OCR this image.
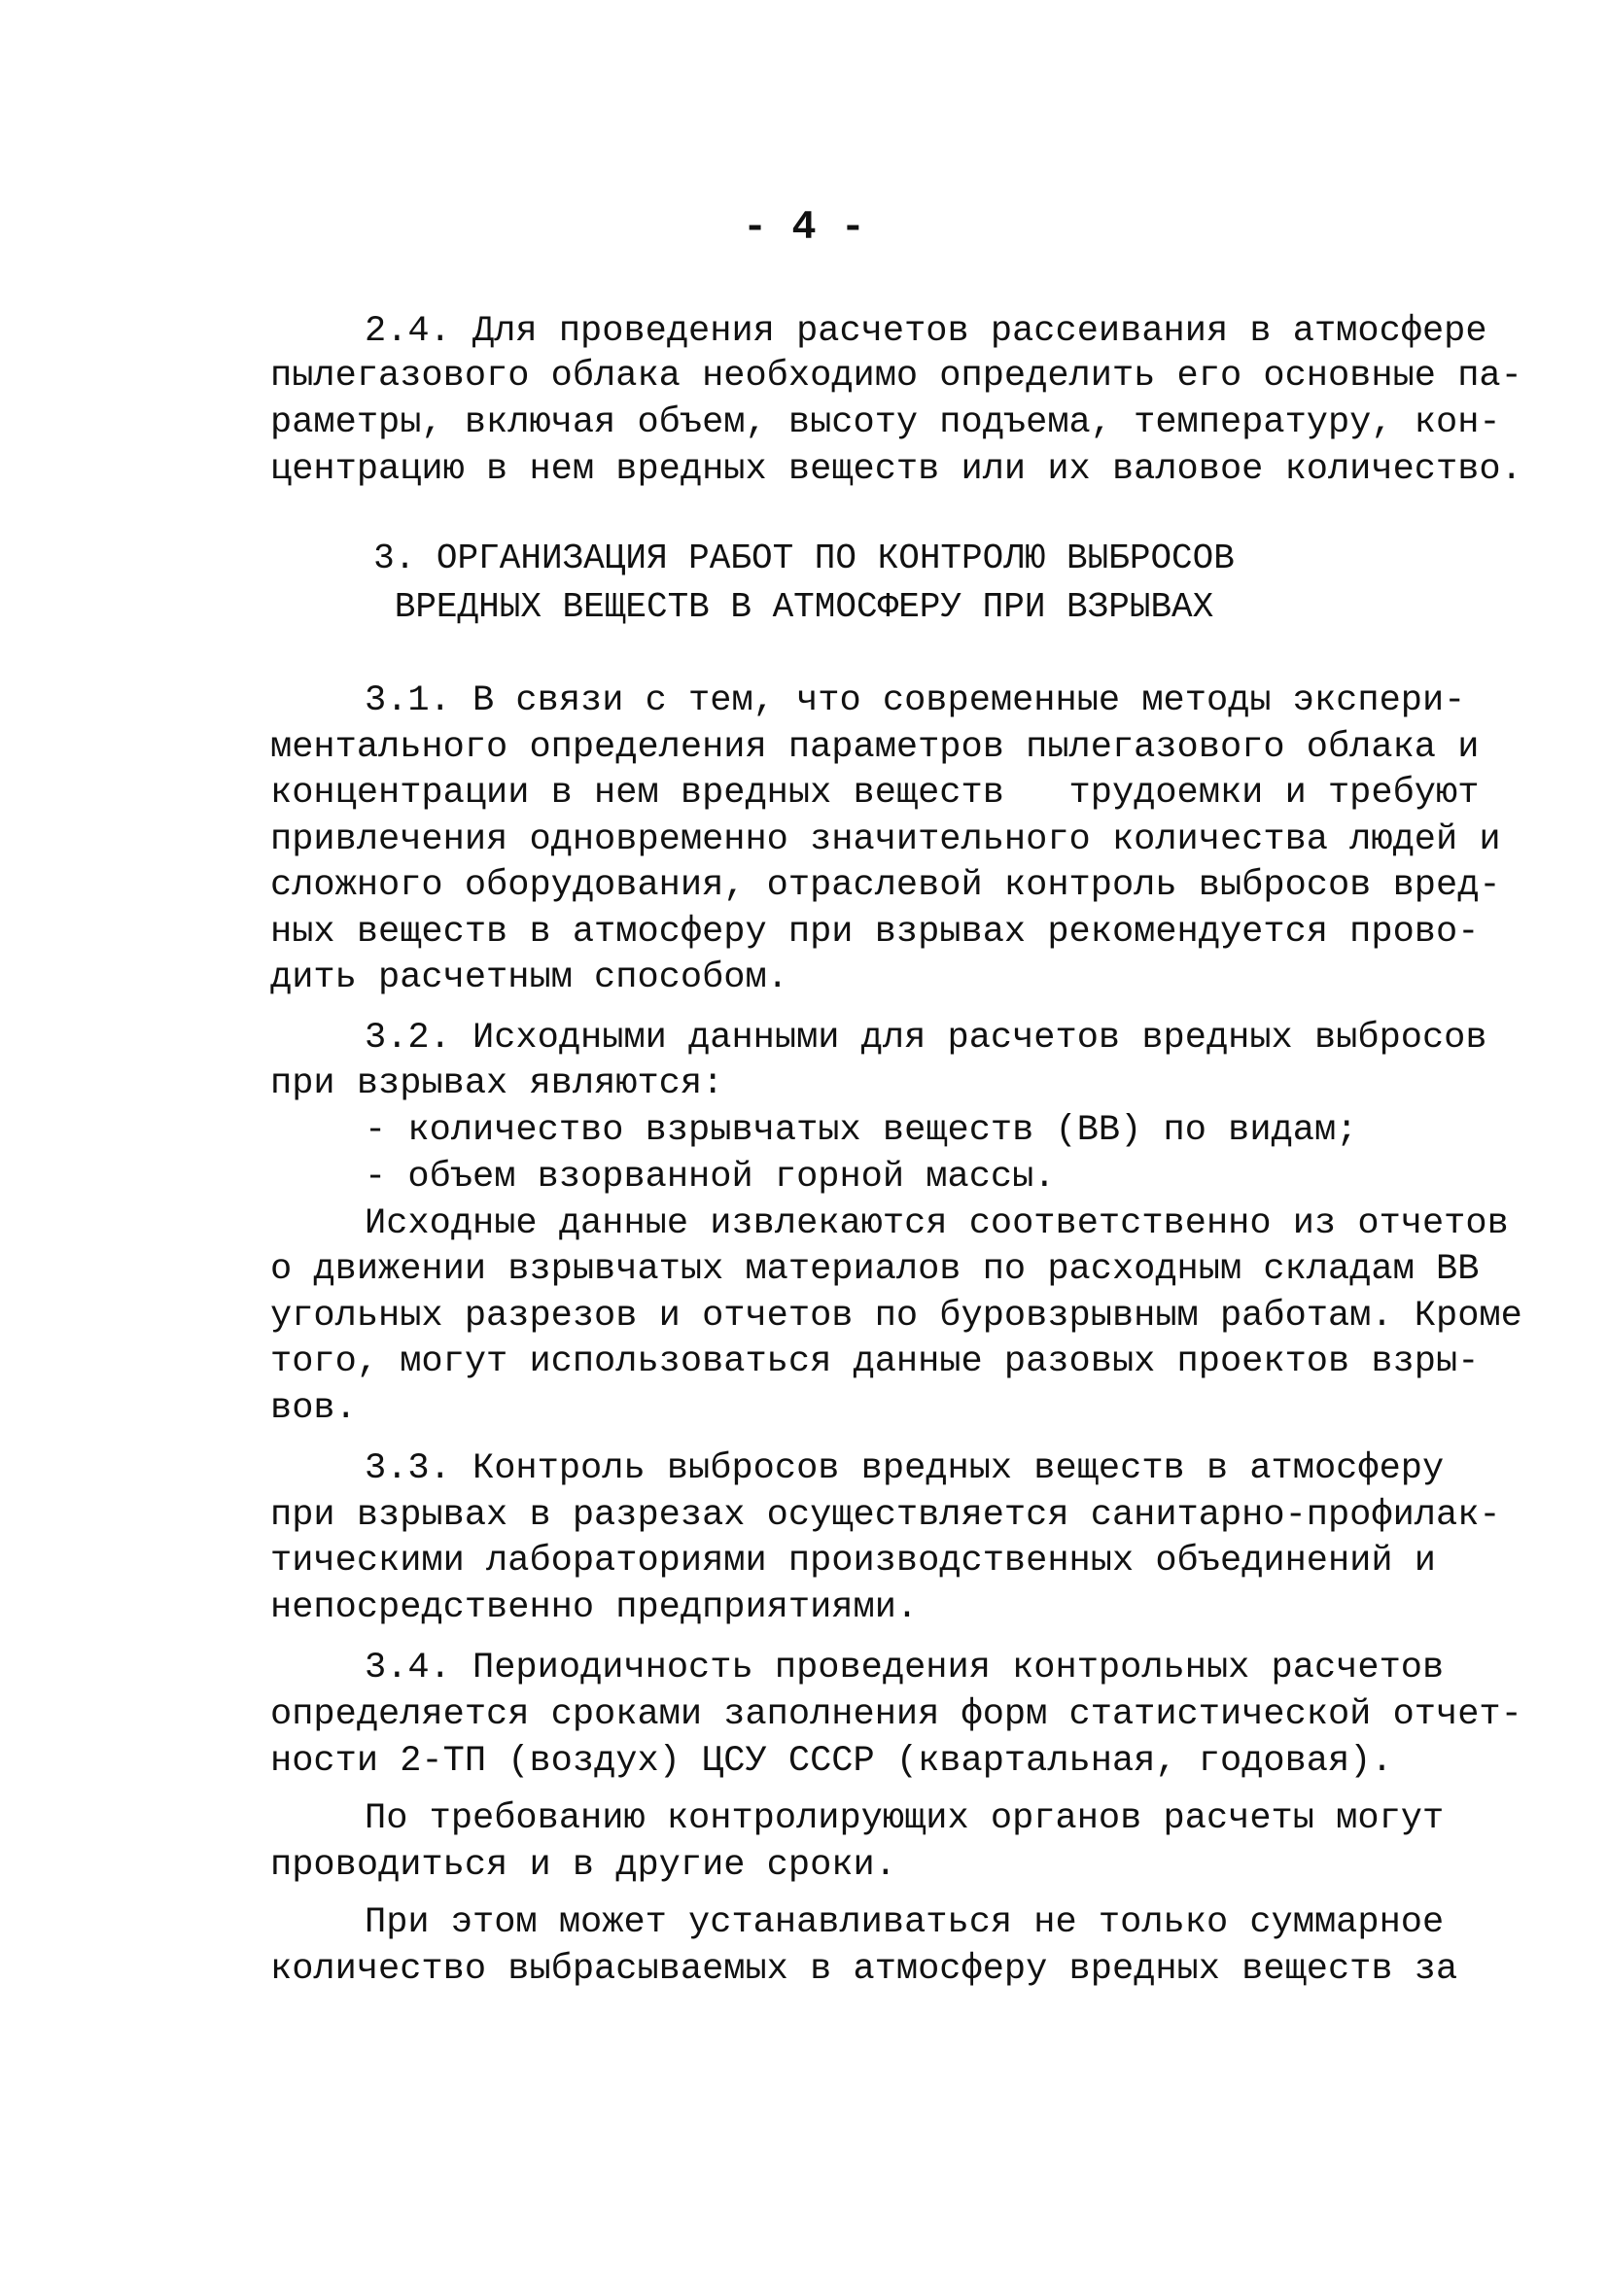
- 4 -
2.4. Для проведения расчетов рассеивания в атмосфере
пылегазового облака необходимо определить его основные па-
раметры, включая объем, высоту подъема, температуру, кон-
центрацию в нем вредных веществ или их валовое количество.
3. ОРГАНИЗАЦИЯ РАБОТ ПО КОНТРОЛЮ ВЫБРОСОВ
ВРЕДНЫХ ВЕЩЕСТВ В АТМОСФЕРУ ПРИ ВЗРЫВАХ
3.1. В связи с тем, что современные методы экспери-
ментального определения параметров пылегазового облака и
концентрации в нем вредных веществ   трудоемки и требуют
привлечения одновременно значительного количества людей и
сложного оборудования, отраслевой контроль выбросов вред-
ных веществ в атмосферу при взрывах рекомендуется прово-
дить расчетным способом.
3.2. Исходными данными для расчетов вредных выбросов
при взрывах являются:
- количество взрывчатых веществ (ВВ) по видам;
- объем взорванной горной массы.
Исходные данные извлекаются соответственно из отчетов
о движении взрывчатых материалов по расходным складам ВВ
угольных разрезов и отчетов по буровзрывным работам. Кроме
того, могут использоваться данные разовых проектов взры-
вов.
3.3. Контроль выбросов вредных веществ в атмосферу
при взрывах в разрезах осуществляется санитарно-профилак-
тическими лабораториями производственных объединений и
непосредственно предприятиями.
3.4. Периодичность проведения контрольных расчетов
определяется сроками заполнения форм статистической отчет-
ности 2-ТП (воздух) ЦСУ СССР (квартальная, годовая).
По требованию контролирующих органов расчеты могут
проводиться и в другие сроки.
При этом может устанавливаться не только суммарное
количество выбрасываемых в атмосферу вредных веществ за
